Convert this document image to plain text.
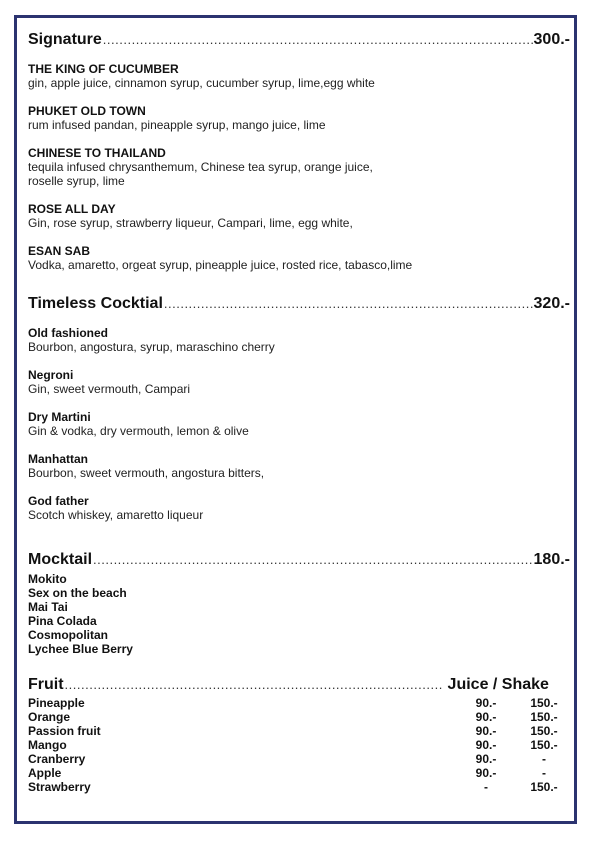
Signature .....	300.-
THE KING OF CUCUMBER
gin, apple juice, cinnamon syrup, cucumber syrup, lime,egg white
PHUKET OLD TOWN
rum infused pandan, pineapple syrup, mango juice, lime
CHINESE TO THAILAND
tequila infused chrysanthemum, Chinese tea syrup, orange juice,
roselle syrup, lime
ROSE ALL DAY
Gin, rose syrup, strawberry liqueur, Campari, lime, egg white,
ESAN SAB
Vodka, amaretto, orgeat syrup, pineapple juice, rosted rice, tabasco,lime
Timeless Cocktial .....	320.-
Old fashioned
Bourbon, angostura, syrup, maraschino cherry
Negroni
Gin, sweet vermouth, Campari
Dry Martini
Gin & vodka, dry vermouth, lemon & olive
Manhattan
Bourbon, sweet vermouth, angostura bitters,
God father
Scotch whiskey, amaretto liqueur
Mocktail .....	180.-
Mokito
Sex on the beach
Mai Tai
Pina Colada
Cosmopolitan
Lychee Blue Berry
Fruit .....	Juice / Shake
Pineapple	90.-	150.-
Orange	90.-	150.-
Passion fruit	90.-	150.-
Mango	90.-	150.-
Cranberry	90.-	-
Apple	90.-	-
Strawberry	-	150.-
